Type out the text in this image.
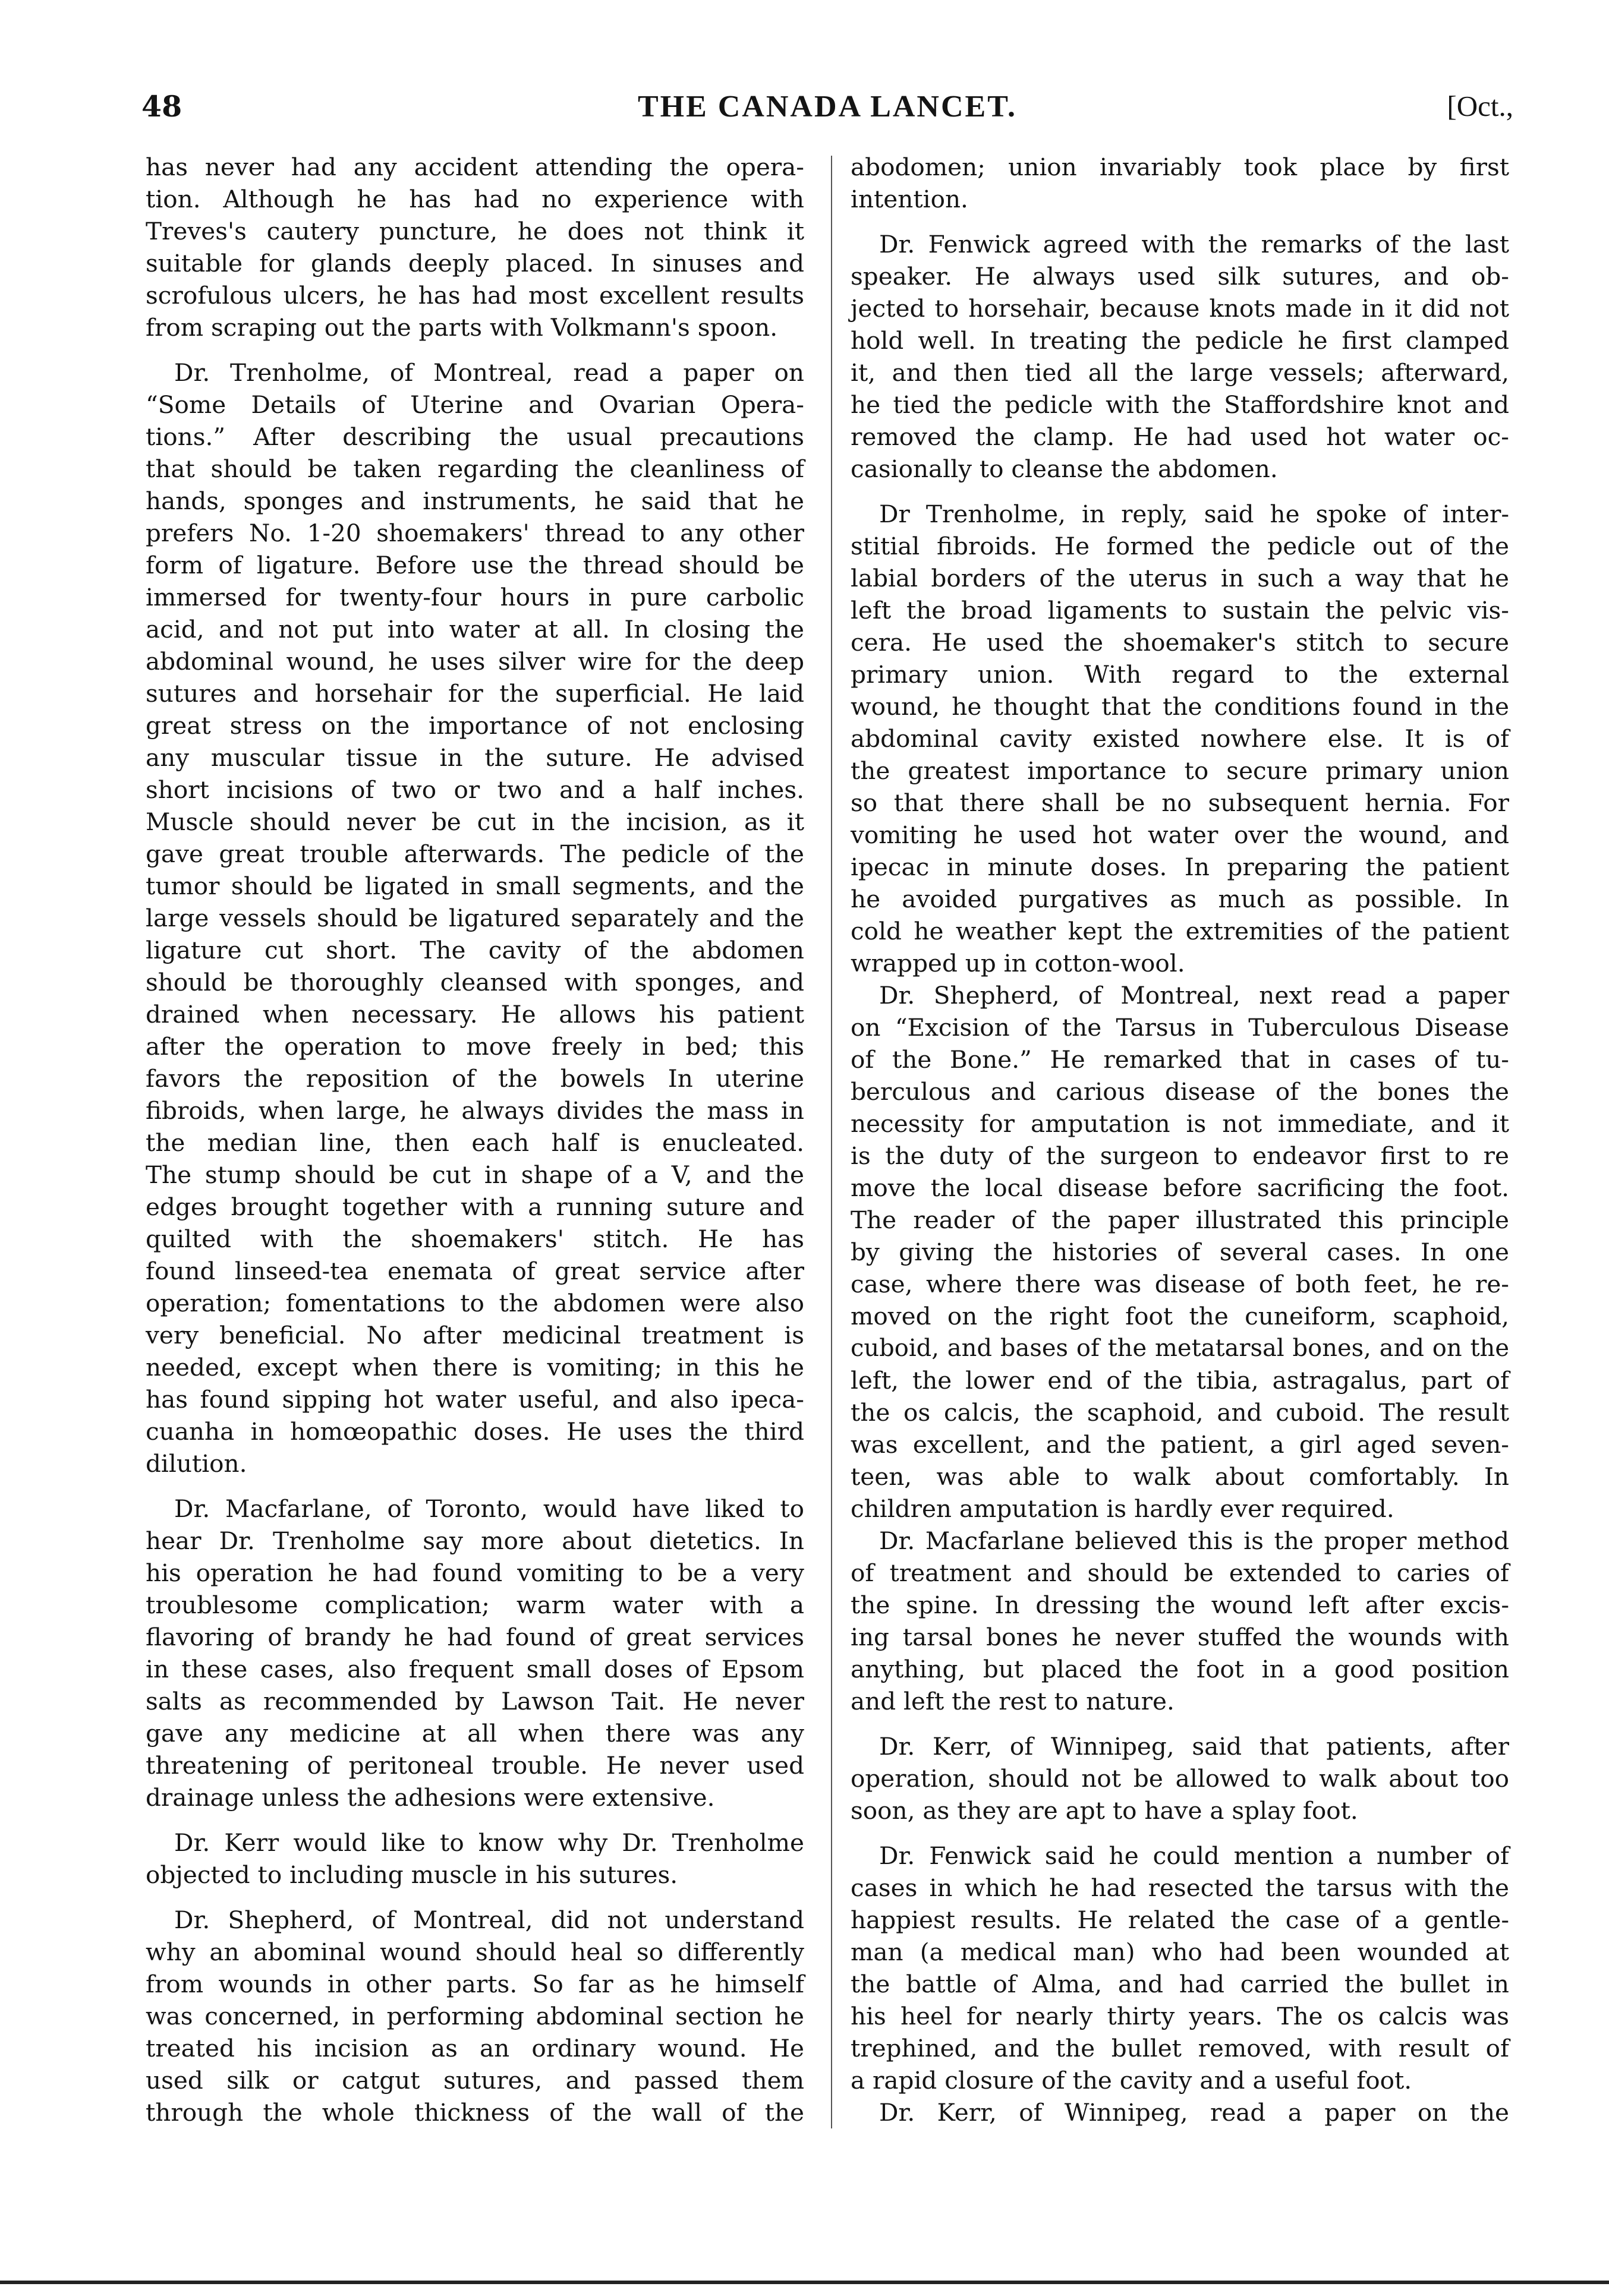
48	THE CANADA LANCET.	[Oct.,
has never had any accident attending the opera-
tion. Although he has had no experience with
Treves's cautery puncture, he does not think it
suitable for glands deeply placed. In sinuses and
scrofulous ulcers, he has had most excellent results
from scraping out the parts with Volkmann's spoon.
Dr. Trenholme, of Montreal, read a paper on
“Some Details of Uterine and Ovarian Opera-
tions.” After describing the usual precautions
that should be taken regarding the cleanliness of
hands, sponges and instruments, he said that he
prefers No. 1-20 shoemakers' thread to any other
form of ligature. Before use the thread should be
immersed for twenty-four hours in pure carbolic
acid, and not put into water at all. In closing the
abdominal wound, he uses silver wire for the deep
sutures and horsehair for the superficial. He laid
great stress on the importance of not enclosing
any muscular tissue in the suture. He advised
short incisions of two or two and a half inches.
Muscle should never be cut in the incision, as it
gave great trouble afterwards. The pedicle of the
tumor should be ligated in small segments, and the
large vessels should be ligatured separately and the
ligature cut short. The cavity of the abdomen
should be thoroughly cleansed with sponges, and
drained when necessary. He allows his patient
after the operation to move freely in bed; this
favors the reposition of the bowels In uterine
fibroids, when large, he always divides the mass in
the median line, then each half is enucleated.
The stump should be cut in shape of a V, and the
edges brought together with a running suture and
quilted with the shoemakers' stitch. He has
found linseed-tea enemata of great service after
operation; fomentations to the abdomen were also
very beneficial. No after medicinal treatment is
needed, except when there is vomiting; in this he
has found sipping hot water useful, and also ipeca-
cuanha in homœopathic doses. He uses the third
dilution.
Dr. Macfarlane, of Toronto, would have liked to
hear Dr. Trenholme say more about dietetics. In
his operation he had found vomiting to be a very
troublesome complication; warm water with a
flavoring of brandy he had found of great services
in these cases, also frequent small doses of Epsom
salts as recommended by Lawson Tait. He never
gave any medicine at all when there was any
threatening of peritoneal trouble. He never used
drainage unless the adhesions were extensive.
Dr. Kerr would like to know why Dr. Trenholme
objected to including muscle in his sutures.
Dr. Shepherd, of Montreal, did not understand
why an abominal wound should heal so differently
from wounds in other parts. So far as he himself
was concerned, in performing abdominal section he
treated his incision as an ordinary wound. He
used silk or catgut sutures, and passed them
through the whole thickness of the wall of the
abodomen; union invariably took place by first
intention.
Dr. Fenwick agreed with the remarks of the last
speaker. He always used silk sutures, and ob-
jected to horsehair, because knots made in it did not
hold well. In treating the pedicle he first clamped
it, and then tied all the large vessels; afterward,
he tied the pedicle with the Staffordshire knot and
removed the clamp. He had used hot water oc-
casionally to cleanse the abdomen.
Dr Trenholme, in reply, said he spoke of inter-
stitial fibroids. He formed the pedicle out of the
labial borders of the uterus in such a way that he
left the broad ligaments to sustain the pelvic vis-
cera. He used the shoemaker's stitch to secure
primary union. With regard to the external
wound, he thought that the conditions found in the
abdominal cavity existed nowhere else. It is of
the greatest importance to secure primary union
so that there shall be no subsequent hernia. For
vomiting he used hot water over the wound, and
ipecac in minute doses. In preparing the patient
he avoided purgatives as much as possible. In
cold he weather kept the extremities of the patient
wrapped up in cotton-wool.
Dr. Shepherd, of Montreal, next read a paper
on “Excision of the Tarsus in Tuberculous Disease
of the Bone.” He remarked that in cases of tu-
berculous and carious disease of the bones the
necessity for amputation is not immediate, and it
is the duty of the surgeon to endeavor first to re
move the local disease before sacrificing the foot.
The reader of the paper illustrated this principle
by giving the histories of several cases. In one
case, where there was disease of both feet, he re-
moved on the right foot the cuneiform, scaphoid,
cuboid, and bases of the metatarsal bones, and on the
left, the lower end of the tibia, astragalus, part of
the os calcis, the scaphoid, and cuboid. The result
was excellent, and the patient, a girl aged seven-
teen, was able to walk about comfortably. In
children amputation is hardly ever required.
Dr. Macfarlane believed this is the proper method
of treatment and should be extended to caries of
the spine. In dressing the wound left after excis-
ing tarsal bones he never stuffed the wounds with
anything, but placed the foot in a good position
and left the rest to nature.
Dr. Kerr, of Winnipeg, said that patients, after
operation, should not be allowed to walk about too
soon, as they are apt to have a splay foot.
Dr. Fenwick said he could mention a number of
cases in which he had resected the tarsus with the
happiest results. He related the case of a gentle-
man (a medical man) who had been wounded at
the battle of Alma, and had carried the bullet in
his heel for nearly thirty years. The os calcis was
trephined, and the bullet removed, with result of
a rapid closure of the cavity and a useful foot.
Dr. Kerr, of Winnipeg, read a paper on the
